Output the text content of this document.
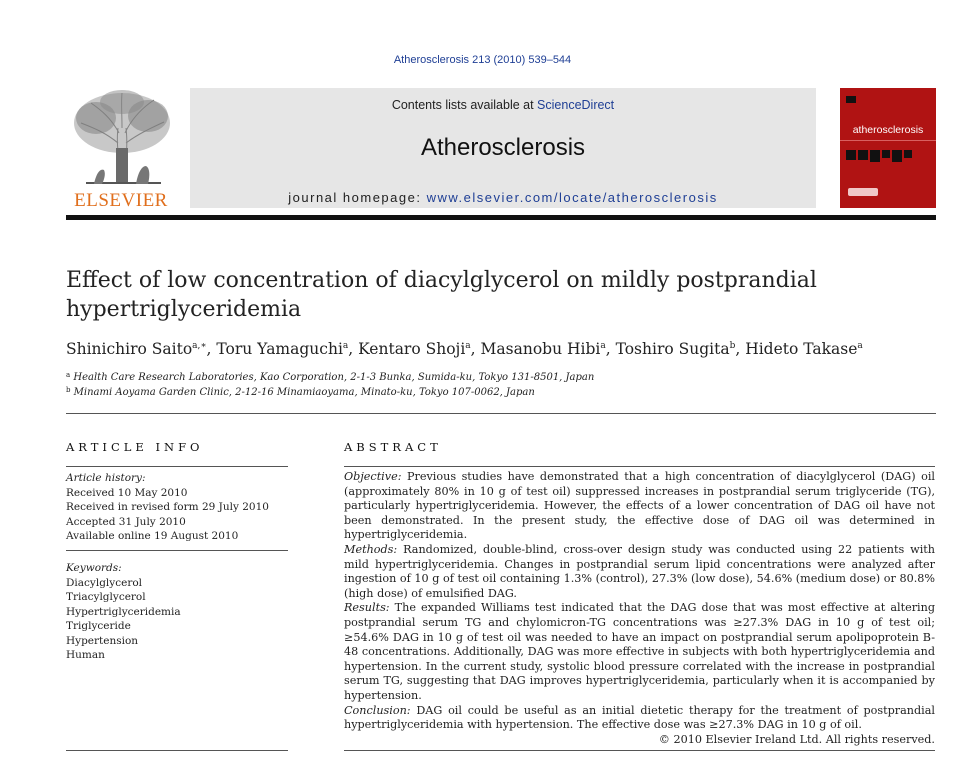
Atherosclerosis 213 (2010) 539–544
ELSEVIER
Contents lists available at ScienceDirect
Atherosclerosis
journal homepage: www.elsevier.com/locate/atherosclerosis
atherosclerosis
Effect of low concentration of diacylglycerol on mildly postprandial hypertriglyceridemia
Shinichiro Saito$^{a,∗}$, Toru Yamaguchi$^a$, Kentaro Shoji$^a$, Masanobu Hibi$^a$, Toshiro Sugita$^b$, Hideto Takase$^a$
$^a$ Health Care Research Laboratories, Kao Corporation, 2-1-3 Bunka, Sumida-ku, Tokyo 131-8501, Japan
$^b$ Minami Aoyama Garden Clinic, 2-12-16 Minamiaoyama, Minato-ku, Tokyo 107-0062, Japan
ARTICLE INFO	ABSTRACT
Article history:
Received 10 May 2010
Received in revised form 29 July 2010
Accepted 31 July 2010
Available online 19 August 2010
Keywords:
Diacylglycerol
Triacylglycerol
Hypertriglyceridemia
Triglyceride
Hypertension
Human

Objective: Previous studies have demonstrated that a high concentration of diacylglycerol (DAG) oil (approximately 80% in 10 g of test oil) suppressed increases in postprandial serum triglyceride (TG), particularly hypertriglyceridemia. However, the effects of a lower concentration of DAG oil have not been demonstrated. In the present study, the effective dose of DAG oil was determined in hypertriglyceridemia.

Methods: Randomized, double-blind, cross-over design study was conducted using 22 patients with mild hypertriglyceridemia. Changes in postprandial serum lipid concentrations were analyzed after ingestion of 10 g of test oil containing 1.3% (control), 27.3% (low dose), 54.6% (medium dose) or 80.8% (high dose) of emulsified DAG.

Results: The expanded Williams test indicated that the DAG dose that was most effective at altering postprandial serum TG and chylomicron-TG concentrations was ≥27.3% DAG in 10 g of test oil; ≥54.6% DAG in 10 g of test oil was needed to have an impact on postprandial serum apolipoprotein B-48 concentrations. Additionally, DAG was more effective in subjects with both hypertriglyceridemia and hypertension. In the current study, systolic blood pressure correlated with the increase in postprandial serum TG, suggesting that DAG improves hypertriglyceridemia, particularly when it is accompanied by hypertension.

Conclusion: DAG oil could be useful as an initial dietetic therapy for the treatment of postprandial hypertriglyceridemia with hypertension. The effective dose was ≥27.3% DAG in 10 g of oil.

© 2010 Elsevier Ireland Ltd. All rights reserved.
